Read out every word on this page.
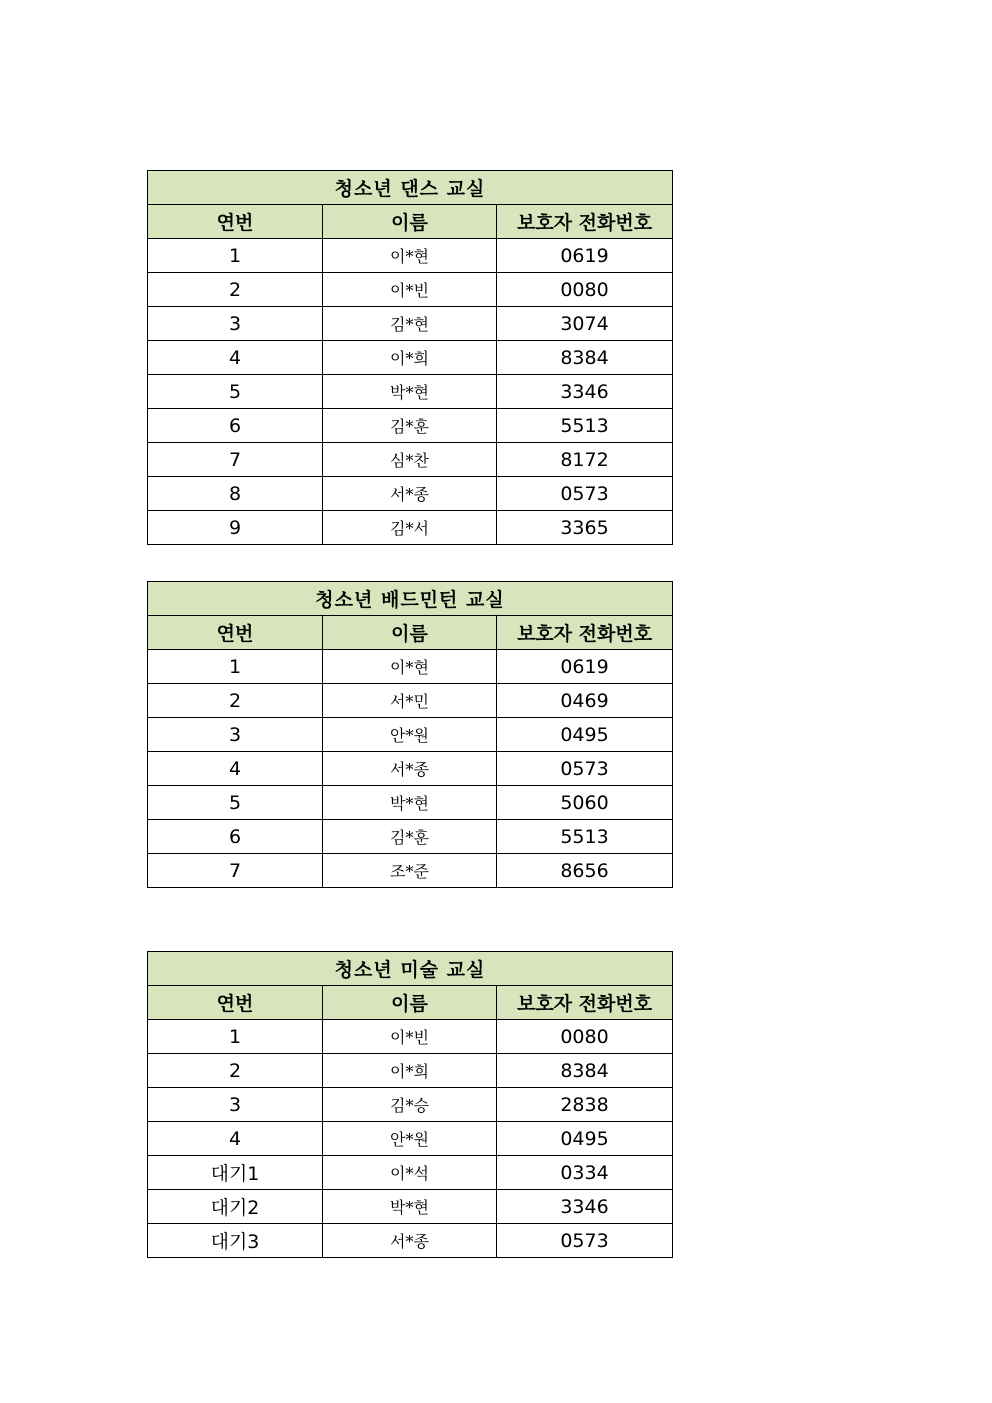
청소년 댄스 교실		
연번	이름	보호자 전화번호
1	이*현	0619
2	이*빈	0080
3	김*현	3074
4	이*희	8384
5	박*현	3346
6	김*훈	5513
7	심*찬	8172
8	서*종	0573
9	김*서	3365
청소년 배드민턴 교실		
연번	이름	보호자 전화번호
1	이*현	0619
2	서*민	0469
3	안*원	0495
4	서*종	0573
5	박*현	5060
6	김*훈	5513
7	조*준	8656
청소년 미술 교실		
연번	이름	보호자 전화번호
1	이*빈	0080
2	이*희	8384
3	김*승	2838
4	안*원	0495
대기1	이*석	0334
대기2	박*현	3346
대기3	서*종	0573
